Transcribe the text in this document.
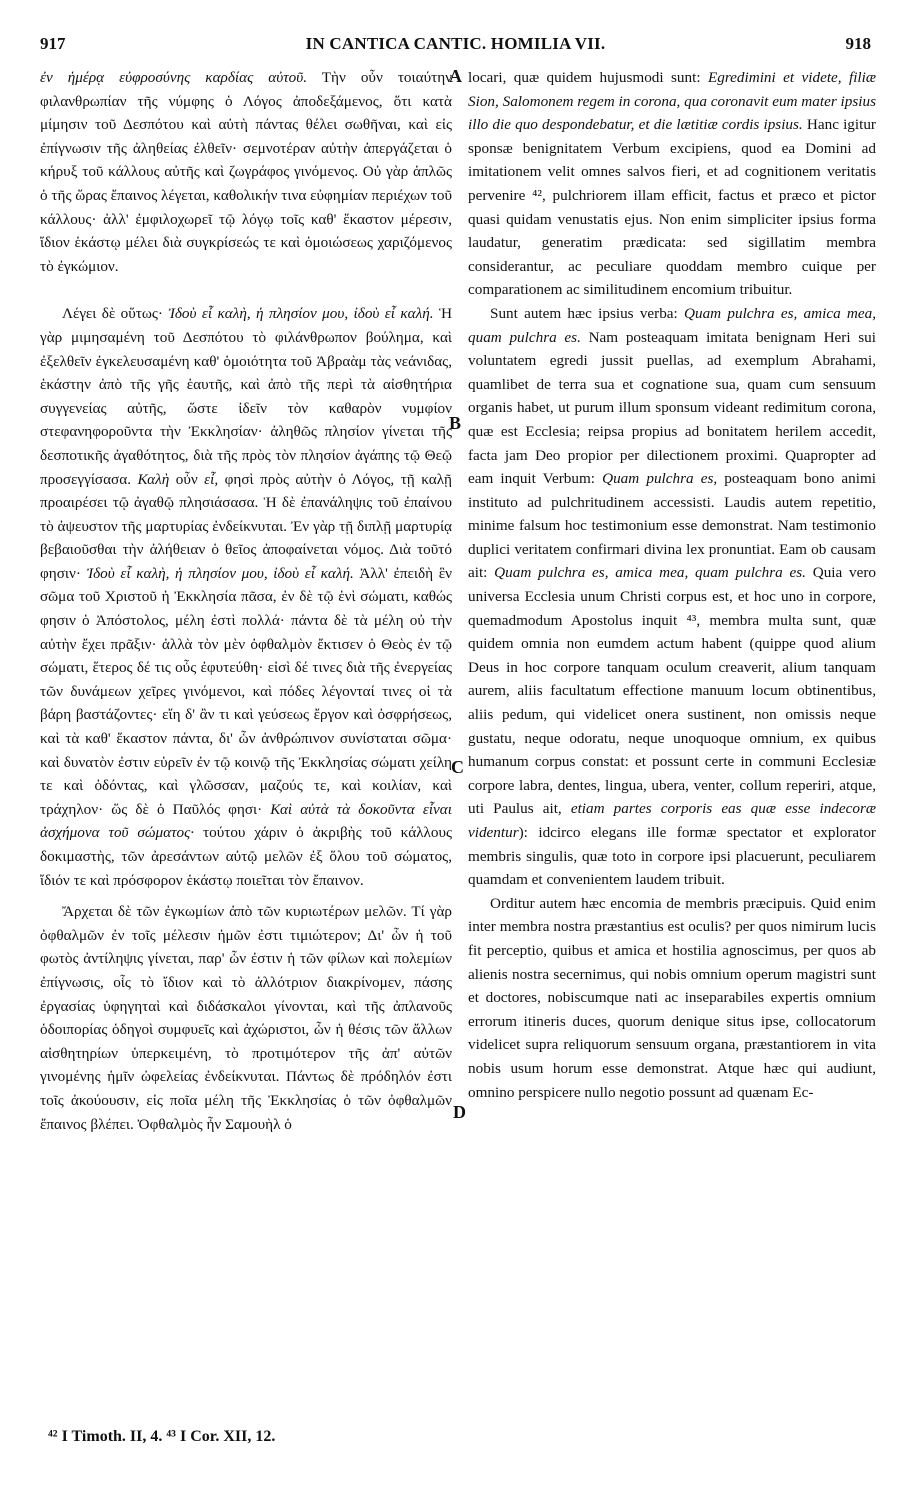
917	IN CANTICA CANTIC. HOMILIA VII.	918

ἐν ἡμέρᾳ εὐφροσύνης καρδίας αὐτοῦ. Τὴν οὖν τοιαύτην φιλανθρωπίαν τῆς νύμφης ὁ Λόγος ἀποδεξάμενος, ὅτι κατὰ μίμησιν τοῦ Δεσπότου καὶ αὐτὴ πάντας θέλει σωθῆναι, καὶ εἰς ἐπίγνωσιν τῆς ἀληθείας ἐλθεῖν· σεμνοτέραν αὐτὴν ἀπεργάζεται ὁ κήρυξ τοῦ κάλλους αὐτῆς καὶ ζωγράφος γινόμενος. Οὐ γὰρ ἁπλῶς ὁ τῆς ὥρας ἔπαινος λέγεται, καθολικήν τινα εὐφημίαν περιέχων τοῦ κάλλους· ἀλλ' ἐμφιλοχωρεῖ τῷ λόγῳ τοῖς καθ' ἕκαστον μέρεσιν, ἴδιον ἑκάστῳ μέλει διὰ συγκρίσεώς τε καὶ ὁμοιώσεως χαριζόμενος τὸ ἐγκώμιον.

Λέγει δὲ οὕτως· Ἰδοὺ εἶ καλὴ, ἡ πλησίον μου, ἰδοὺ εἶ καλή. Ἡ γὰρ μιμησαμένη τοῦ Δεσπότου τὸ φιλάνθρωπον βούλημα, καὶ ἐξελθεῖν ἐγκελευσαμένη καθ' ὁμοιότητα τοῦ Ἀβραὰμ τὰς νεάνιδας, ἑκάστην ἀπὸ τῆς γῆς ἑαυτῆς, καὶ ἀπὸ τῆς περὶ τὰ αἰσθητήρια συγγενείας αὐτῆς, ὥστε ἰδεῖν τὸν καθαρὸν νυμφίον στεφανηφοροῦντα τὴν Ἐκκλησίαν· ἀληθῶς πλησίον γίνεται τῆς δεσποτικῆς ἀγαθότητος, διὰ τῆς πρὸς τὸν πλησίον ἀγάπης τῷ Θεῷ προσεγγίσασα. Καλὴ οὖν εἶ, φησὶ πρὸς αὐτὴν ὁ Λόγος, τῇ καλῇ προαιρέσει τῷ ἀγαθῷ πλησιάσασα. Ἡ δὲ ἐπανάληψις τοῦ ἐπαίνου τὸ ἀψευστον τῆς μαρτυρίας ἐνδείκνυται. Ἐν γὰρ τῇ διπλῇ μαρτυρίᾳ βεβαιοῦσθαι τὴν ἀλήθειαν ὁ θεῖος ἀποφαίνεται νόμος. Διὰ τοῦτό φησιν· Ἰδοὺ εἶ καλὴ, ἡ πλησίον μου, ἰδοὺ εἶ καλή. Ἀλλ' ἐπειδὴ ἓν σῶμα τοῦ Χριστοῦ ἡ Ἐκκλησία πᾶσα, ἐν δὲ τῷ ἑνὶ σώματι, καθώς φησιν ὁ Ἀπόστολος, μέλη ἐστὶ πολλά· πάντα δὲ τὰ μέλη οὐ τὴν αὐτὴν ἔχει πρᾶξιν· ἀλλὰ τὸν μὲν ὀφθαλμὸν ἔκτισεν ὁ Θεὸς ἐν τῷ σώματι, ἕτερος δέ τις οὖς ἐφυτεύθη· εἰσὶ δέ τινες διὰ τῆς ἐνεργείας τῶν δυνάμεων χεῖρες γινόμενοι, καὶ πόδες λέγονταί τινες οἱ τὰ βάρη βαστάζοντες· εἴη δ' ἂν τι καὶ γεύσεως ἔργον καὶ ὀσφρήσεως, καὶ τὰ καθ' ἕκαστον πάντα, δι' ὧν ἀνθρώπινον συνίσταται σῶμα· καὶ δυνατὸν ἐστιν εὑρεῖν ἐν τῷ κοινῷ τῆς Ἐκκλησίας σώματι χείλη τε καὶ ὀδόντας, καὶ γλῶσσαν, μαζούς τε, καὶ κοιλίαν, καὶ τράχηλον· ὥς δὲ ὁ Παῦλός φησι· Καὶ αὐτὰ τὰ δοκοῦντα εἶναι ἀσχήμονα τοῦ σώματος· τούτου χάριν ὁ ἀκριβὴς τοῦ κάλλους δοκιμαστὴς, τῶν ἀρεσάντων αὐτῷ μελῶν ἐξ ὅλου τοῦ σώματος, ἴδιόν τε καὶ πρόσφορον ἑκάστῳ ποιεῖται τὸν ἔπαινον.

Ἄρχεται δὲ τῶν ἐγκωμίων ἀπὸ τῶν κυριωτέρων μελῶν. Τί γὰρ ὀφθαλμῶν ἐν τοῖς μέλεσιν ἡμῶν ἐστι τιμιώτερον; Δι' ὧν ἡ τοῦ φωτὸς ἀντίληψις γίνεται, παρ' ὧν ἐστιν ἡ τῶν φίλων καὶ πολεμίων ἐπίγνωσις, οἷς τὸ ἴδιον καὶ τὸ ἀλλότριον διακρίνομεν, πάσης ἐργασίας ὑφηγηταὶ καὶ διδάσκαλοι γίνονται, καὶ τῆς ἀπλανοῦς ὁδοιπορίας ὁδηγοὶ συμφυεῖς καὶ ἀχώριστοι, ὧν ἡ θέσις τῶν ἄλλων αἰσθητηρίων ὑπερκειμένη, τὸ προτιμότερον τῆς ἀπ' αὐτῶν γινομένης ἡμῖν ὠφελείας ἐνδείκνυται. Πάντως δὲ πρόδηλόν ἐστι τοῖς ἀκούουσιν, εἰς ποῖα μέλη τῆς Ἐκκλησίας ὁ τῶν ὀφθαλμῶν ἔπαινος βλέπει. Ὀφθαλμὸς ἦν Σαμουὴλ ὁ

locari, quæ quidem hujusmodi sunt: Egredimini et videte, filiæ Sion, Salomonem regem in corona, qua coronavit eum mater ipsius illo die quo despondebatur, et die lætitiæ cordis ipsius. Hanc igitur sponsæ benignitatem Verbum excipiens, quod ea Domini ad imitationem velit omnes salvos fieri, et ad cognitionem veritatis pervenire ⁴², pulchriorem illam efficit, factus et præco et pictor quasi quidam venustatis ejus. Non enim simpliciter ipsius forma laudatur, generatim prædicata: sed sigillatim membra considerantur, ac peculiare quoddam membro cuique per comparationem ac similitudinem encomium tribuitur.

Sunt autem hæc ipsius verba: Quam pulchra es, amica mea, quam pulchra es. Nam posteaquam imitata benignam Heri sui voluntatem egredi jussit puellas, ad exemplum Abrahami, quamlibet de terra sua et cognatione sua, quam cum sensuum organis habet, ut purum illum sponsum videant redimitum corona, quæ est Ecclesia; reipsa propius ad bonitatem herilem accedit, facta jam Deo propior per dilectionem proximi. Quapropter ad eam inquit Verbum: Quam pulchra es, posteaquam bono animi instituto ad pulchritudinem accessisti. Laudis autem repetitio, minime falsum hoc testimonium esse demonstrat. Nam testimonio duplici veritatem confirmari divina lex pronuntiat. Eam ob causam ait: Quam pulchra es, amica mea, quam pulchra es. Quia vero universa Ecclesia unum Christi corpus est, et hoc uno in corpore, quemadmodum Apostolus inquit ⁴³, membra multa sunt, quæ quidem omnia non eumdem actum habent (quippe quod alium Deus in hoc corpore tanquam oculum creaverit, alium tanquam aurem, aliis facultatum effectione manuum locum obtinentibus, aliis pedum, qui videlicet onera sustinent, non omissis neque gustatu, neque odoratu, neque unoquoque omnium, ex quibus humanum corpus constat: et possunt certe in communi Ecclesiæ corpore labra, dentes, lingua, ubera, venter, collum reperiri, atque, uti Paulus ait, etiam partes corporis eas quæ esse indecoræ videntur): idcirco elegans ille formæ spectator et explorator membris singulis, quæ toto in corpore ipsi placuerunt, peculiarem quamdam et convenientem laudem tribuit.

Orditur autem hæc encomia de membris præcipuis. Quid enim inter membra nostra præstantius est oculis? per quos nimirum lucis fit perceptio, quibus et amica et hostilia agnoscimus, per quos ab alienis nostra secernimus, qui nobis omnium operum magistri sunt et doctores, nobiscumque nati ac inseparabiles expertis omnium errorum itineris duces, quorum denique situs ipse, collocatorum videlicet supra reliquorum sensuum organa, præstantiorem in vita nobis usum horum esse demonstrat. Atque hæc qui audiunt, omnino perspicere nullo negotio possunt ad quænam Ec-

A
B
C
D
⁴² I Timoth. II, 4. ⁴³ I Cor. XII, 12.
